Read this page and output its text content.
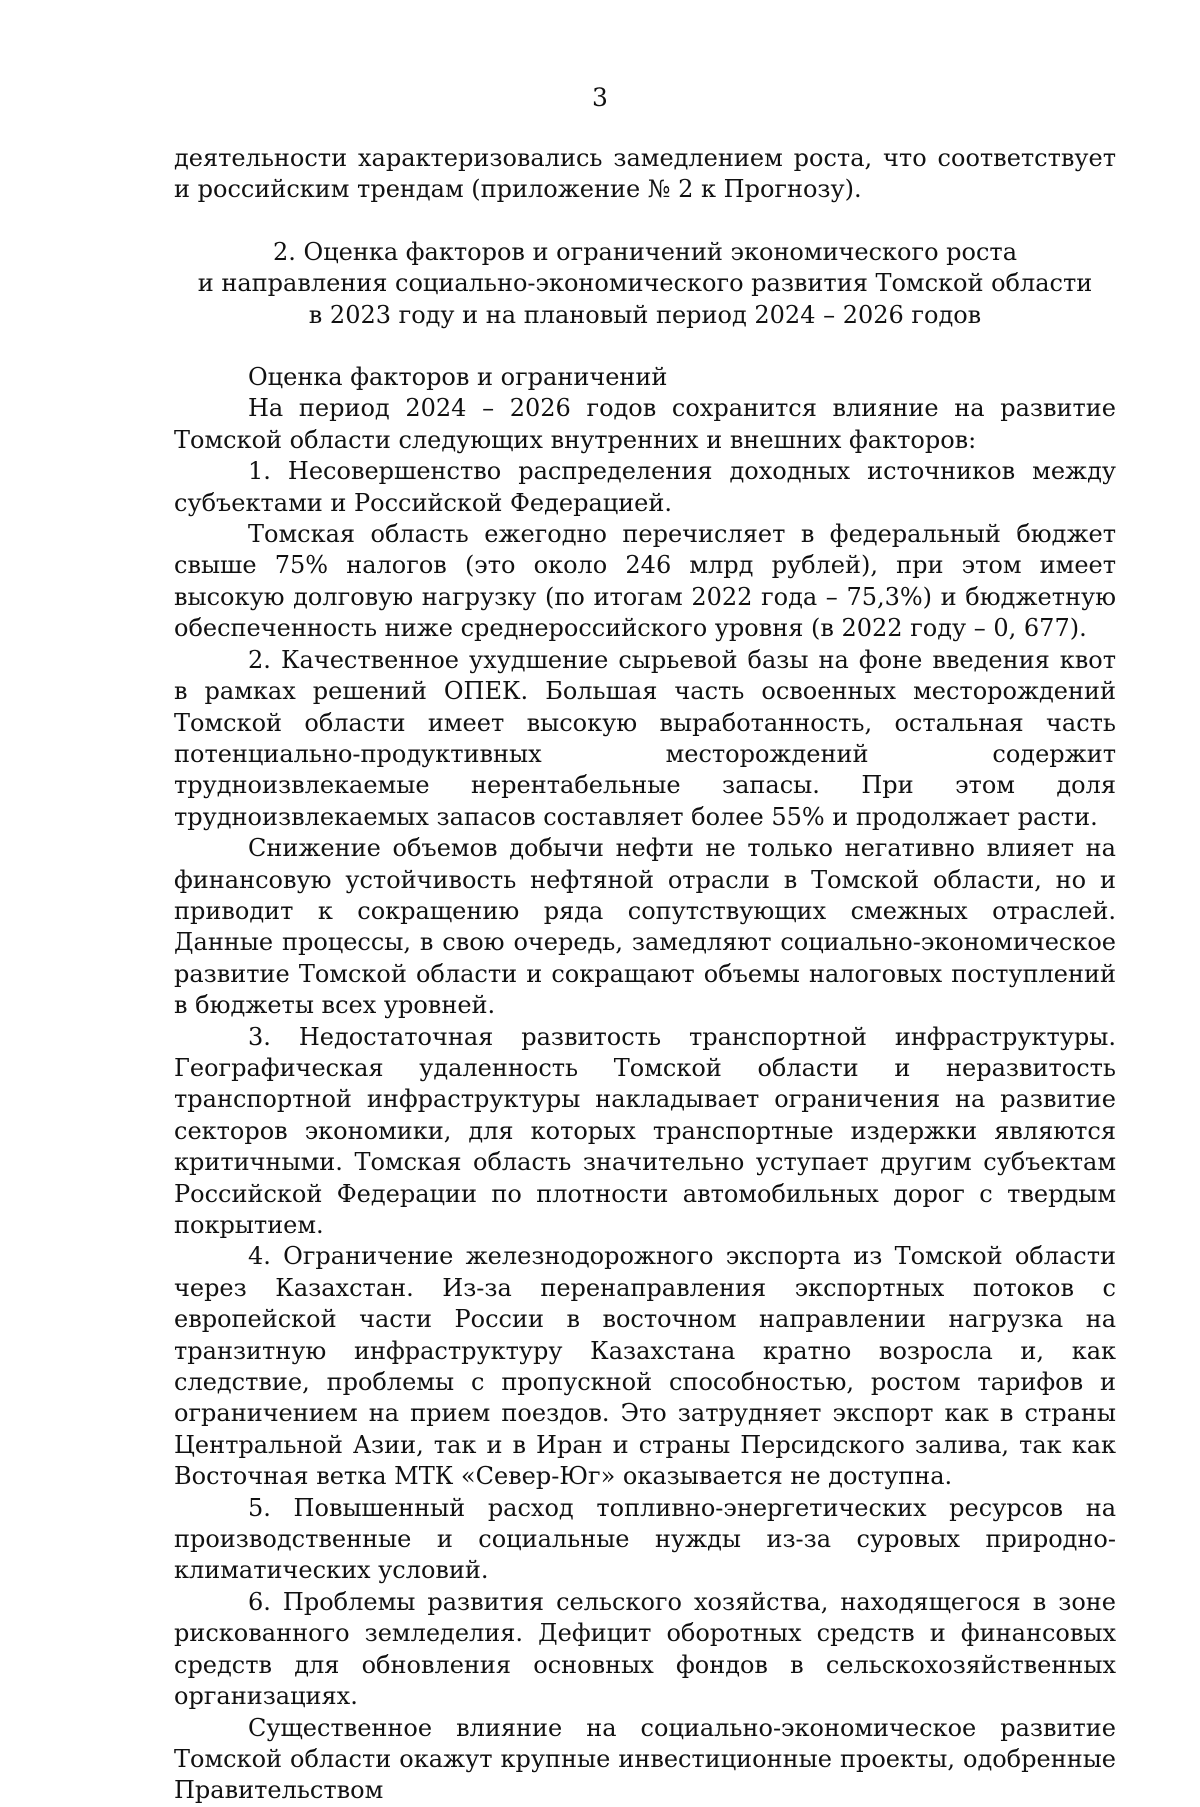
3

деятельности характеризовались замедлением роста, что соответствует и российским трендам (приложение № 2 к Прогнозу).

2. Оценка факторов и ограничений экономического роста
и направления социально-экономического развития Томской области
в 2023 году и на плановый период 2024 – 2026 годов

Оценка факторов и ограничений

На период 2024 – 2026 годов сохранится влияние на развитие Томской области следующих внутренних и внешних факторов:

1. Несовершенство распределения доходных источников между субъектами и Российской Федерацией.

Томская область ежегодно перечисляет в федеральный бюджет свыше 75% налогов (это около 246 млрд рублей), при этом имеет высокую долговую нагрузку (по итогам 2022 года – 75,3%) и бюджетную обеспеченность ниже среднероссийского уровня (в 2022 году – 0, 677).

2. Качественное ухудшение сырьевой базы на фоне введения квот в рамках решений ОПЕК. Большая часть освоенных месторождений Томской области имеет высокую выработанность, остальная часть потенциально-продуктивных месторождений содержит трудноизвлекаемые нерентабельные запасы. При этом доля трудноизвлекаемых запасов составляет более 55% и продолжает расти.

Снижение объемов добычи нефти не только негативно влияет на финансовую устойчивость нефтяной отрасли в Томской области, но и приводит к сокращению ряда сопутствующих смежных отраслей. Данные процессы, в свою очередь, замедляют социально-экономическое развитие Томской области и сокращают объемы налоговых поступлений в бюджеты всех уровней.

3. Недостаточная развитость транспортной инфраструктуры. Географическая удаленность Томской области и неразвитость транспортной инфраструктуры накладывает ограничения на развитие секторов экономики, для которых транспортные издержки являются критичными. Томская область значительно уступает другим субъектам Российской Федерации по плотности автомобильных дорог с твердым покрытием.

4. Ограничение железнодорожного экспорта из Томской области через Казахстан. Из-за перенаправления экспортных потоков с европейской части России в восточном направлении нагрузка на транзитную инфраструктуру Казахстана кратно возросла и, как следствие, проблемы с пропускной способностью, ростом тарифов и ограничением на прием поездов. Это затрудняет экспорт как в страны Центральной Азии, так и в Иран и страны Персидского залива, так как Восточная ветка МТК «Север-Юг» оказывается не доступна.

5. Повышенный расход топливно-энергетических ресурсов на производственные и социальные нужды из-за суровых природно-климатических условий.

6. Проблемы развития сельского хозяйства, находящегося в зоне рискованного земледелия. Дефицит оборотных средств и финансовых средств для обновления основных фондов в сельскохозяйственных организациях.

Существенное влияние на социально-экономическое развитие Томской области окажут крупные инвестиционные проекты, одобренные Правительством
